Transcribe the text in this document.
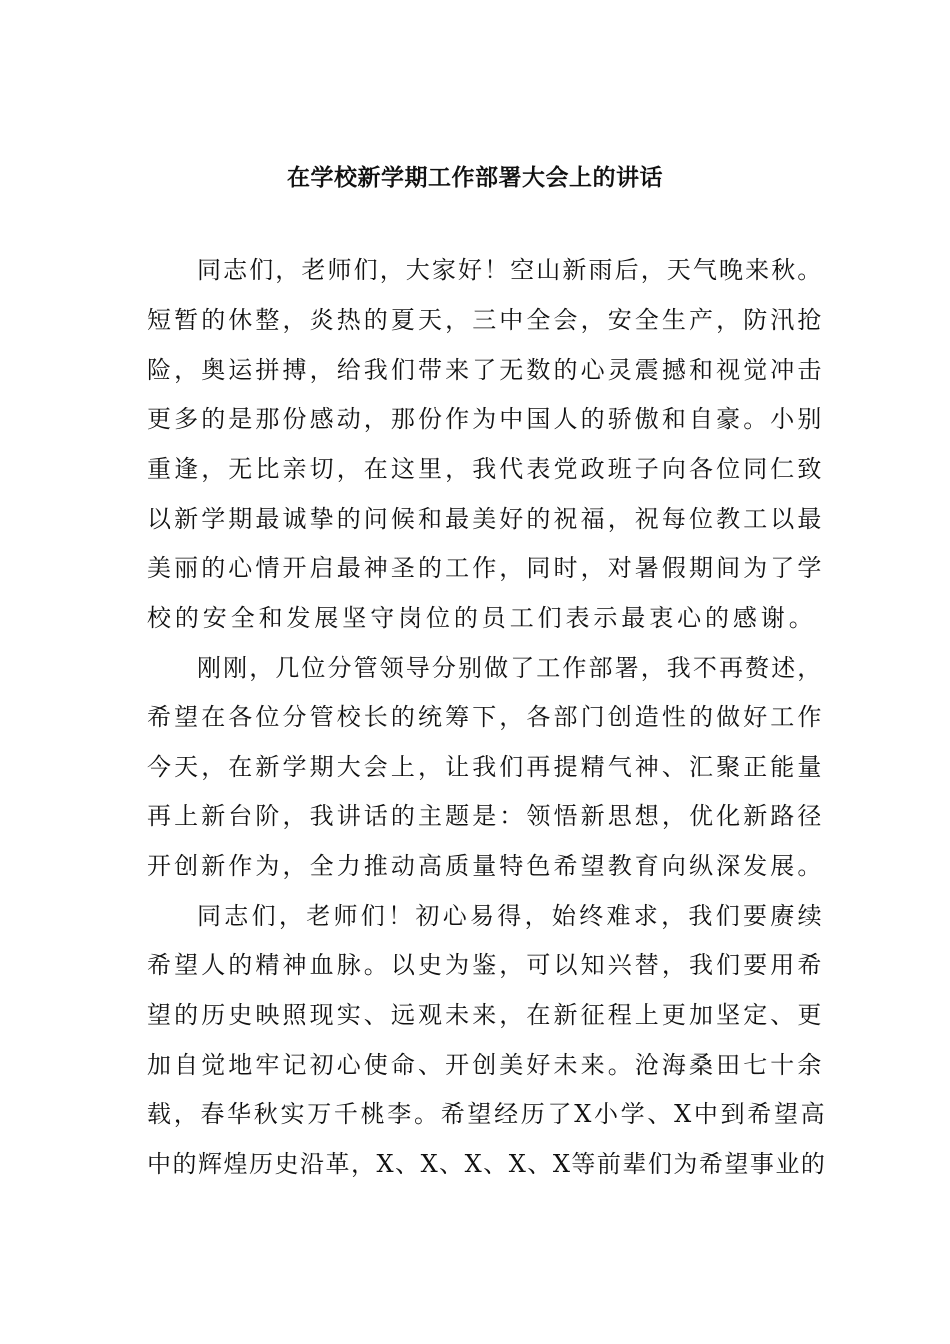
在学校新学期工作部署大会上的讲话
同志们，老师们，大家好！空山新雨后，天气晚来秋。
短暂的休整，炎热的夏天，三中全会，安全生产，防汛抢
险，奥运拼搏，给我们带来了无数的心灵震撼和视觉冲击
更多的是那份感动，那份作为中国人的骄傲和自豪。小别
重逢，无比亲切，在这里，我代表党政班子向各位同仁致
以新学期最诚挚的问候和最美好的祝福，祝每位教工以最
美丽的心情开启最神圣的工作，同时，对暑假期间为了学
校的安全和发展坚守岗位的员工们表示最衷心的感谢。
刚刚，几位分管领导分别做了工作部署，我不再赘述，
希望在各位分管校长的统筹下，各部门创造性的做好工作
今天，在新学期大会上，让我们再提精气神、汇聚正能量
再上新台阶，我讲话的主题是：领悟新思想，优化新路径
开创新作为，全力推动高质量特色希望教育向纵深发展。
同志们，老师们！初心易得，始终难求，我们要赓续
希望人的精神血脉。以史为鉴，可以知兴替，我们要用希
望的历史映照现实、远观未来，在新征程上更加坚定、更
加自觉地牢记初心使命、开创美好未来。沧海桑田七十余
载，春华秋实万千桃李。希望经历了X小学、X中到希望高
中的辉煌历史沿革，X、X、X、X、X等前辈们为希望事业的
